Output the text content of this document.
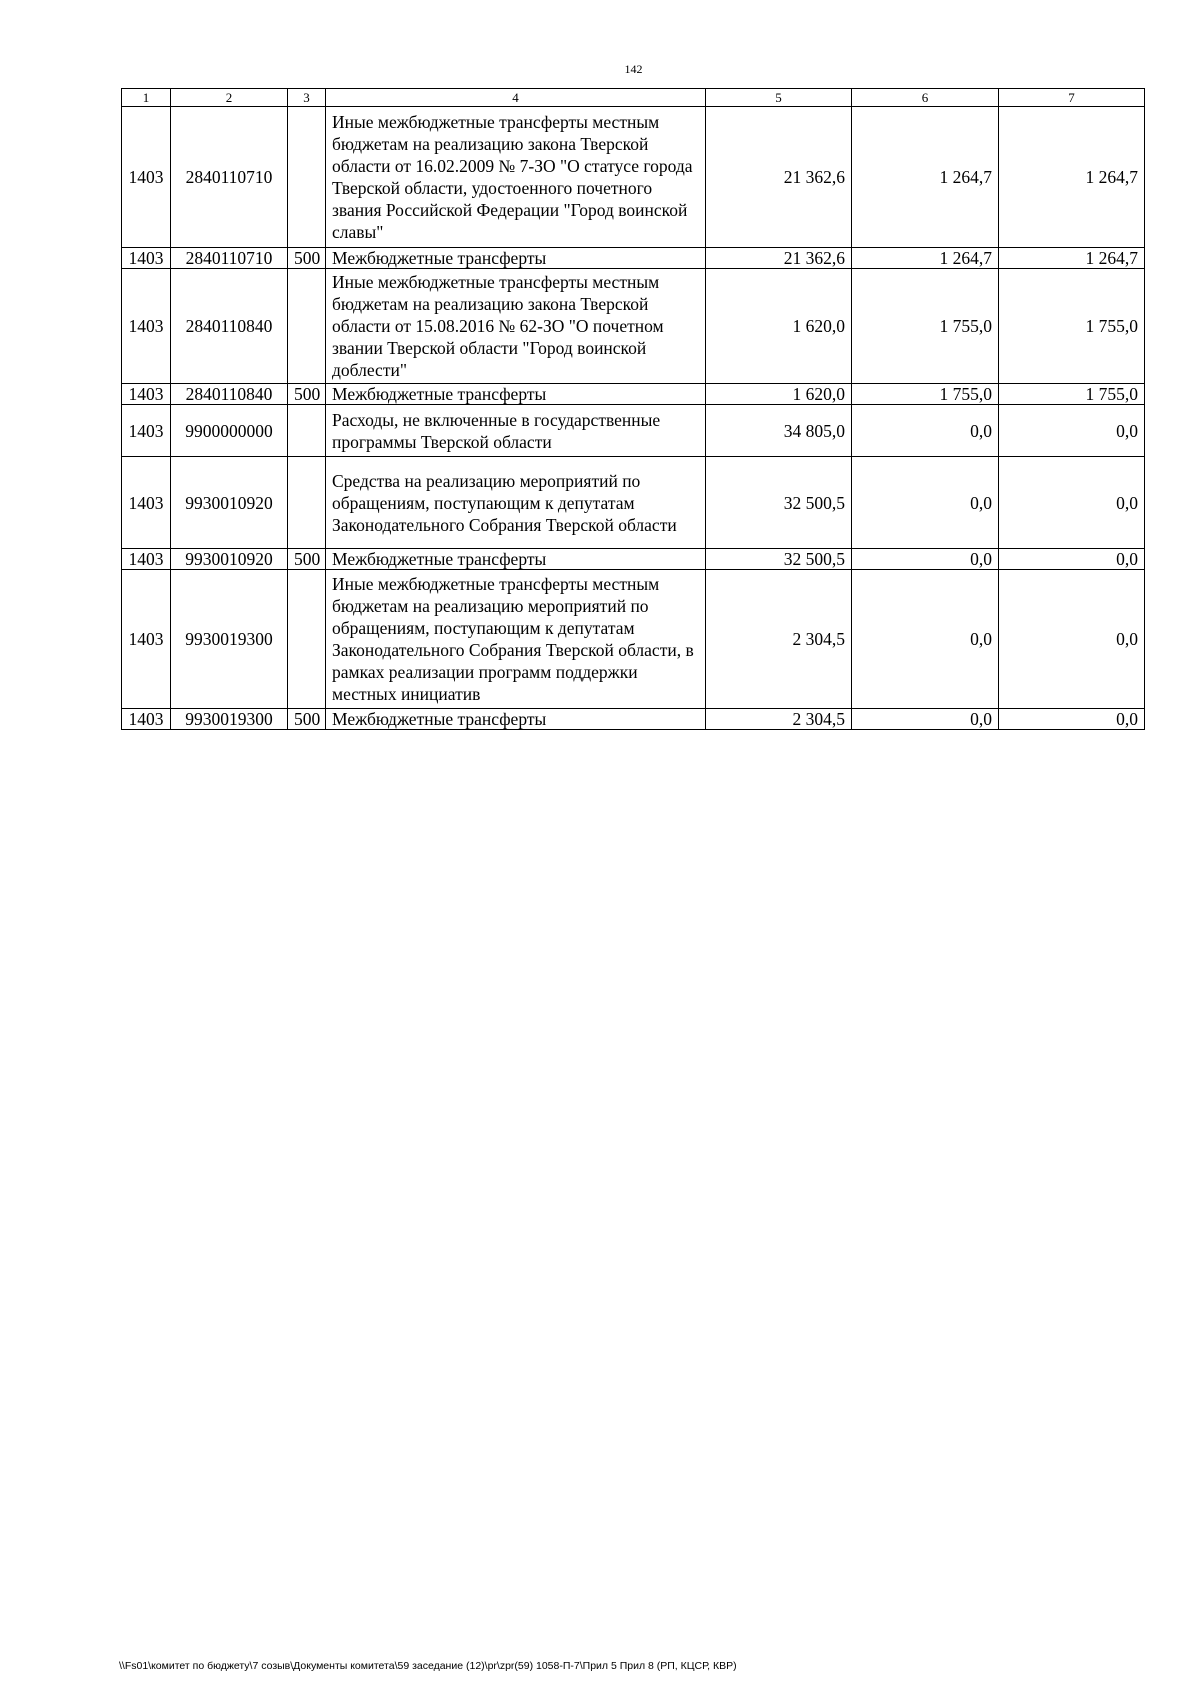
142
1	2	3	4	5	6	7
1403	2840110710		Иные межбюджетные трансферты местным бюджетам на реализацию закона Тверской области от 16.02.2009 № 7-ЗО "О статусе города Тверской области, удостоенного почетного звания Российской Федерации "Город воинской славы"	21 362,6	1 264,7	1 264,7
1403	2840110710	500	Межбюджетные трансферты	21 362,6	1 264,7	1 264,7
1403	2840110840		Иные межбюджетные трансферты местным бюджетам на реализацию закона Тверской области от 15.08.2016 № 62-ЗО "О почетном звании Тверской области "Город воинской доблести"	1 620,0	1 755,0	1 755,0
1403	2840110840	500	Межбюджетные трансферты	1 620,0	1 755,0	1 755,0
1403	9900000000		Расходы, не включенные в государственные программы Тверской области	34 805,0	0,0	0,0
1403	9930010920		Средства на реализацию мероприятий по обращениям, поступающим к депутатам Законодательного Собрания Тверской области	32 500,5	0,0	0,0
1403	9930010920	500	Межбюджетные трансферты	32 500,5	0,0	0,0
1403	9930019300		Иные межбюджетные трансферты местным бюджетам на реализацию мероприятий по обращениям, поступающим к депутатам Законодательного Собрания Тверской области, в рамках реализации программ поддержки местных инициатив	2 304,5	0,0	0,0
1403	9930019300	500	Межбюджетные трансферты	2 304,5	0,0	0,0
\\Fs01\комитет по бюджету\7 созыв\Документы комитета\59 заседание (12)\pr\zpr(59) 1058-П-7\Прил 5 Прил 8 (РП, КЦСР, КВР)
